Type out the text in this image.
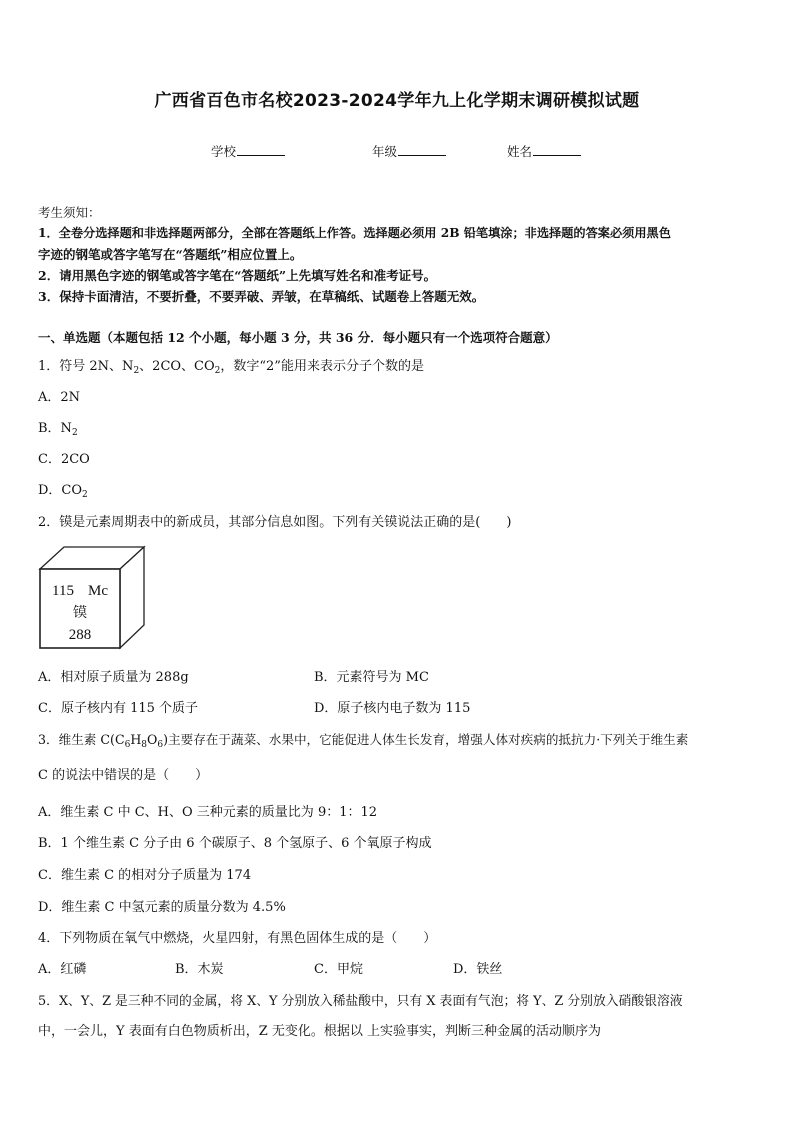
广西省百色市名校2023-2024学年九上化学期末调研模拟试题
学校	年级	姓名
考生须知：
1．全卷分选择题和非选择题两部分，全部在答题纸上作答。选择题必须用 2B 铅笔填涂；非选择题的答案必须用黑色
字迹的钢笔或答字笔写在“答题纸”相应位置上。
2．请用黑色字迹的钢笔或答字笔在“答题纸”上先填写姓名和准考证号。
3．保持卡面清洁，不要折叠，不要弄破、弄皱，在草稿纸、试题卷上答题无效。
一、单选题（本题包括 12 个小题，每小题 3 分，共 36 分．每小题只有一个选项符合题意）
1．符号 2N、$N_2$、2CO、$CO_2$，数字“2”能用来表示分子个数的是
A．2N
B．$N_2$
C．2CO
D．$CO_2$
2．镆是元素周期表中的新成员，其部分信息如图。下列有关镆说法正确的是(　　)
115 Mc
镆
288
A．相对原子质量为 288g	B．元素符号为 MC
C．原子核内有 115 个质子	D．原子核内电子数为 115
3．维生素 $C(C_6H_8O_6)$主要存在于蔬菜、水果中，它能促进人体生长发育，增强人体对疾病的抵抗力·下列关于维生素
C 的说法中错误的是（　　）
A．维生素 C 中 C、H、O 三种元素的质量比为 9：1：12
B．1 个维生素 C 分子由 6 个碳原子、8 个氢原子、6 个氧原子构成
C．维生素 C 的相对分子质量为 174
D．维生素 C 中氢元素的质量分数为 4.5%
4．下列物质在氧气中燃烧，火星四射，有黑色固体生成的是（　　）
A．红磷	B．木炭	C．甲烷	D．铁丝
5．X、Y、Z 是三种不同的金属，将 X、Y 分别放入稀盐酸中，只有 X 表面有气泡；将 Y、Z 分别放入硝酸银溶液
中，一会儿，Y 表面有白色物质析出，Z 无变化。根据以 上实验事实，判断三种金属的活动顺序为
